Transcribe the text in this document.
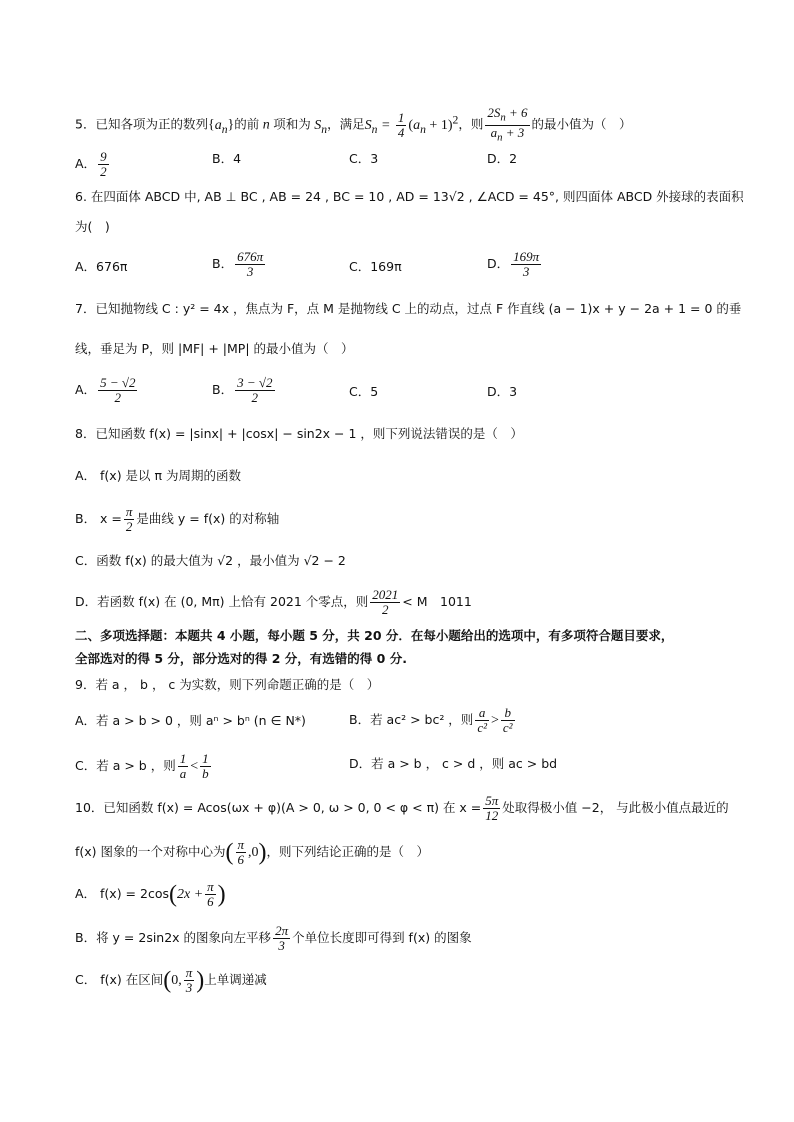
5．已知各项为正的数列$\{a_n\}$的前 n 项和为 $S_n$，满足$S_n = \frac{1}{4} (a_n + 1)^2$，则 $\frac{2S_n + 6}{a_n + 3}$ 的最小值为（　）
A． $\frac{9}{2}$	B．4	C．3	D．2
6. 在四面体 ABCD 中, AB ⊥ BC , AB = 24 , BC = 10 , AD = 13√2 , ∠ACD = 45°, 则四面体 ABCD 外接球的表面积
为(　)
A．676π	B． $\frac{676\pi}{3}$	C．169π	D． $\frac{169\pi}{3}$
7．已知抛物线 C : y² = 4x ，焦点为 F，点 M 是抛物线 C 上的动点，过点 F 作直线 (a − 1)x + y − 2a + 1 = 0 的垂
线，垂足为 P，则 |MF| + |MP| 的最小值为（　）
A． $\frac{5 - √2}{2}$	B． $\frac{3 - √2}{2}$	C．5	D．3
8．已知函数 f(x) = |sinx| + |cosx| − sin2x − 1 ，则下列说法错误的是（　）
A． f(x) 是以 π 为周期的函数
B． $x = \frac{\pi}{2}$ 是曲线 y = f(x) 的对称轴
C．函数 f(x) 的最大值为 √2 ，最小值为 √2 − 2
D．若函数 f(x) 在 (0, Mπ) 上恰有 2021 个零点，则 $\frac{2021}{2} < M$　1011
二、多项选择题：本题共 4 小题，每小题 5 分，共 20 分．在每小题给出的选项中，有多项符合题目要求，
全部选对的得 5 分，部分选对的得 2 分，有选错的得 0 分.
9．若 a ， b ， c 为实数，则下列命题正确的是（　）
A．若 a > b > 0 ，则 aⁿ > bⁿ (n ∈ N*)	B．若 ac² > bc² ，则 $\frac{a}{\text{c²}} > \frac{b}{\text{c²}}$
C．若 a > b ，则 $\frac{1}{a} < \frac{1}{b}$	D．若 a > b ， c > d ，则 ac > bd
10．已知函数 f(x) = Acos(ωx + φ)(A > 0, ω > 0, 0 < φ < π) 在 $x = \frac{5\pi}{12}$ 处取得极小值 −2， 与此极小值点最近的
f(x) 图象的一个对称中心为( $\frac{\pi}{6} ,0$)，则下列结论正确的是（　）
A． $f(x) = 2\cos(2x + \frac{\pi}{6}$ )
B．将 y = 2sin2x 的图象向左平移 $\frac{2\pi}{3}$ 个单位长度即可得到 f(x) 的图象
C． f(x) 在区间(0, $\frac{\pi}{3}$ )上单调递减
